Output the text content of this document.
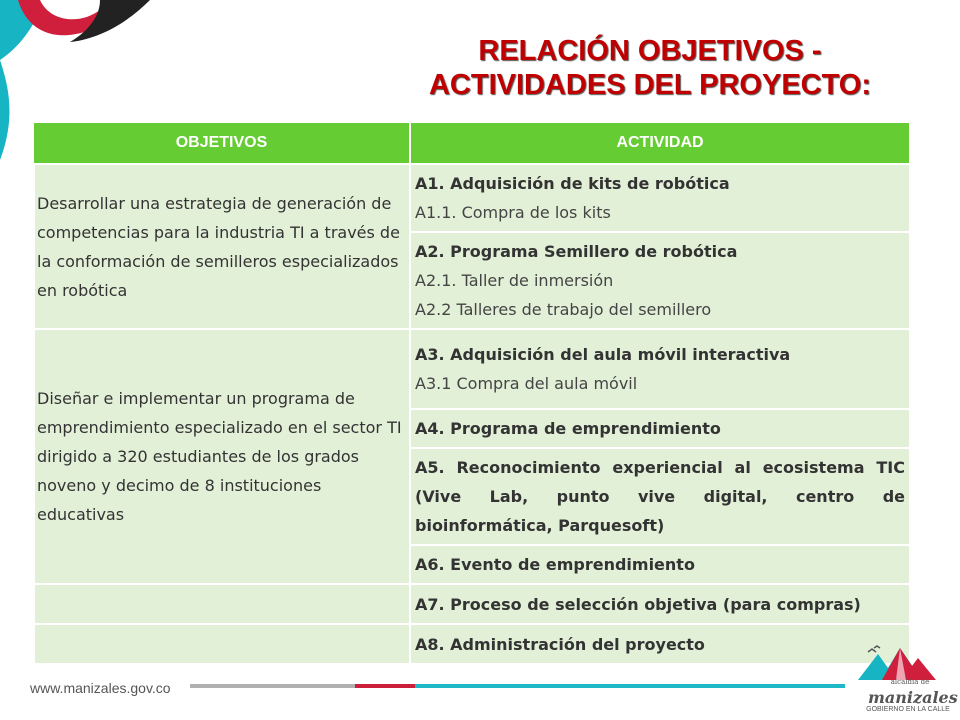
RELACIÓN OBJETIVOS -
ACTIVIDADES DEL PROYECTO:
OBJETIVOS	ACTIVIDAD
Desarrollar una estrategia de generación de competencias para la industria TI a través de la conformación de semilleros especializados en robótica	A1. Adquisición de kits de robótica
A1.1. Compra de los kits

	A2. Programa Semillero de robótica
A2.1. Taller de inmersión
A2.2 Talleres de trabajo del semillero

Diseñar e implementar un programa de emprendimiento especializado en el sector TI dirigido a 320 estudiantes de los grados noveno y decimo de 8 instituciones educativas	A3. Adquisición del aula móvil interactiva
A3.1 Compra del aula móvil

	A4. Programa de emprendimiento

	A5. Reconocimiento experiencial al ecosistema TIC (Vive Lab, punto vive digital, centro de bioinformática, Parquesoft)

	A6. Evento de emprendimiento

	A7. Proceso de selección objetiva (para compras)

	A8. Administración del proyecto
www.manizales.gov.co	alcaldía de
manizales
GOBIERNO EN LA CALLE
